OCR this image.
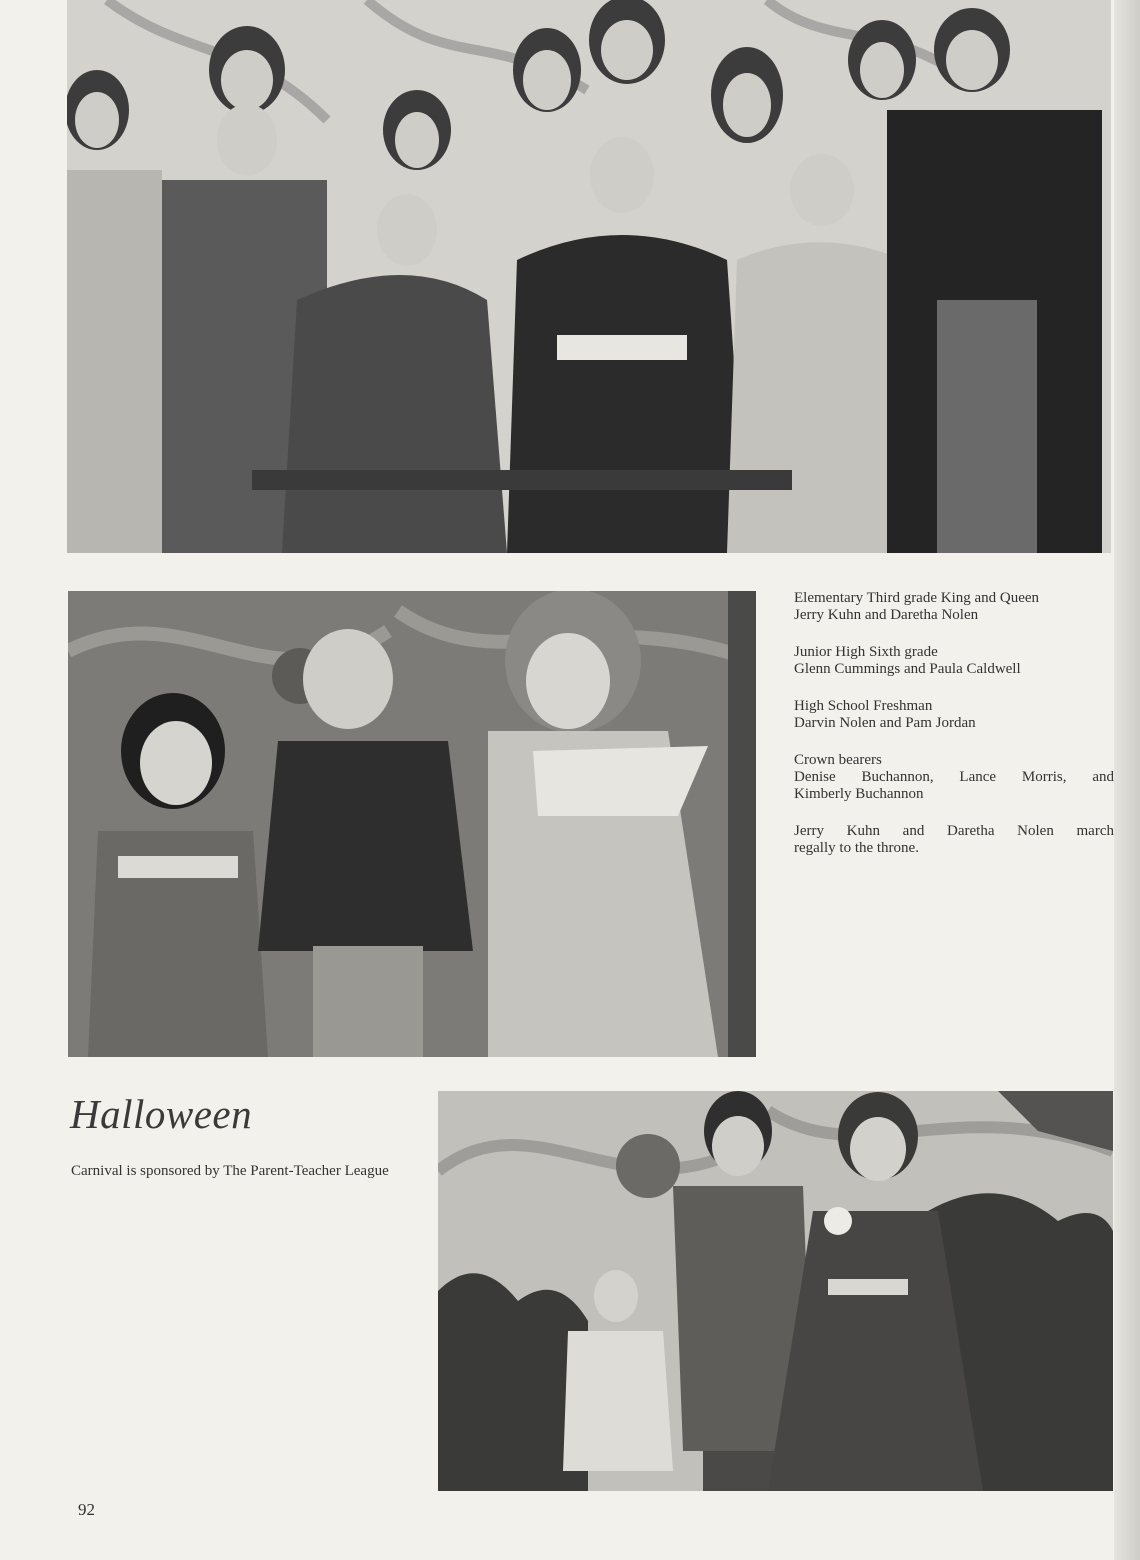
Elementary Third grade King and Queen
Jerry Kuhn and Daretha Nolen

Junior High Sixth grade
Glenn Cummings and Paula Caldwell

High School Freshman
Darvin Nolen and Pam Jordan

Crown bearers
Denise Buchannon, Lance Morris, and
Kimberly Buchannon

Jerry Kuhn and Daretha Nolen march
regally to the throne.

Halloween

Carnival is sponsored by The Parent-Teacher League

92
